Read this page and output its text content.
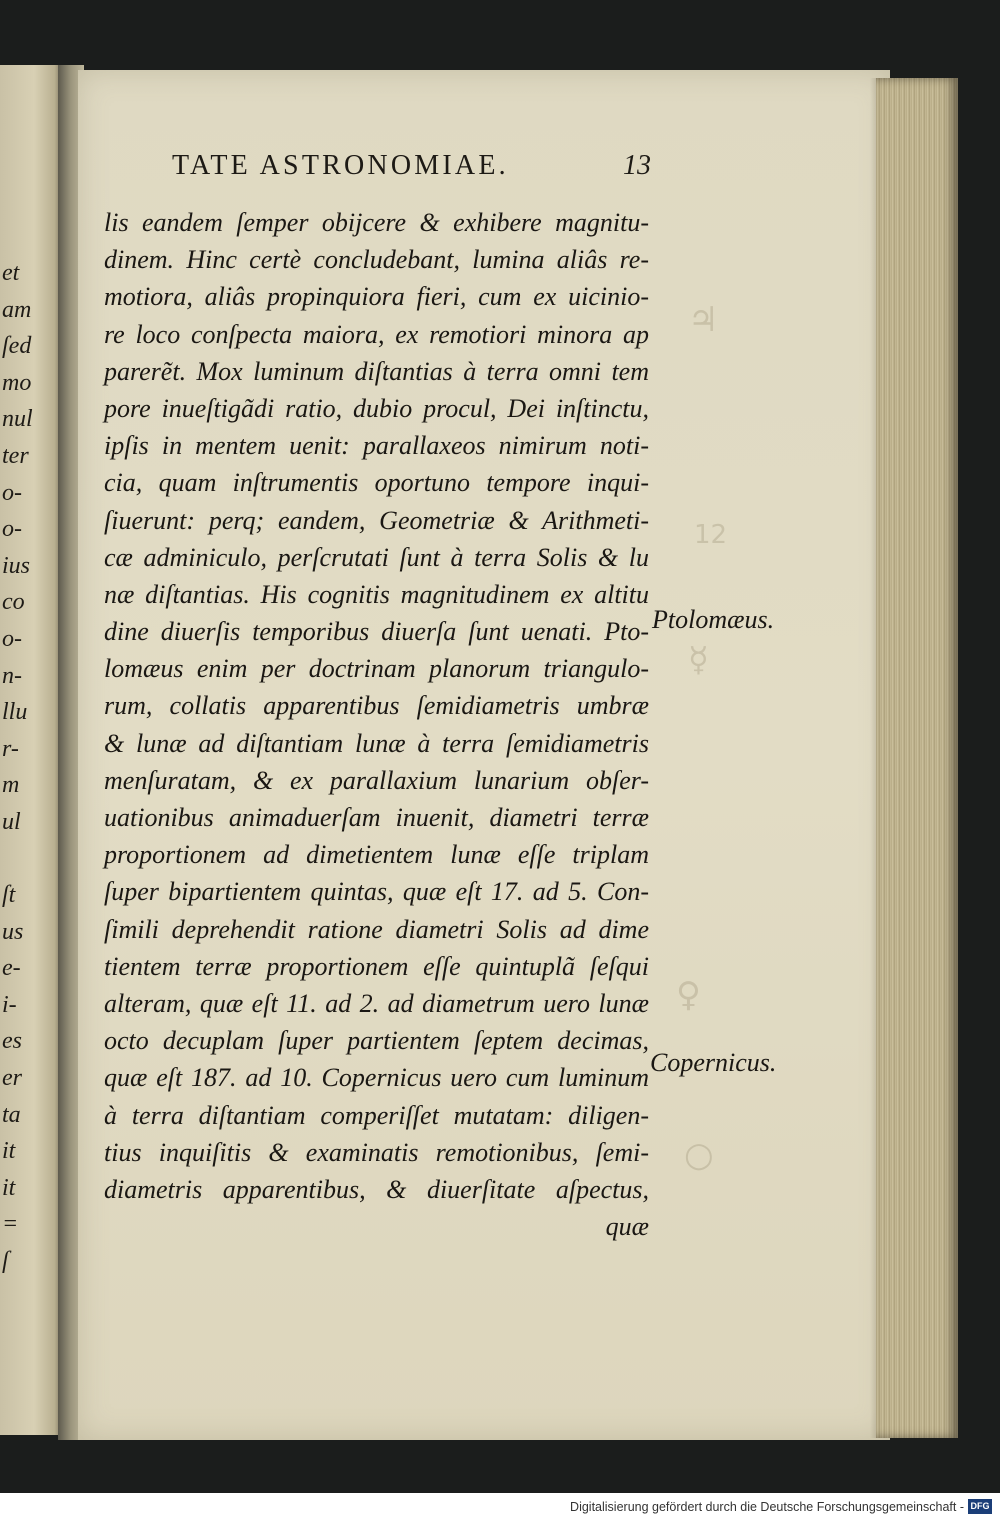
et
am
ſed
mo
nul
ter
o-
o-
ius
co
o-
n-
llu
r-
m
ul
ſt
us
e-
i-
es
er
ta
it
it
=
ſ
♃
12
☿
♀
○
TATE ASTRONOMIAE.	13
lis eandem ſemper obijcere & exhibere magnitu-
dinem. Hinc certè concludebant, lumina aliâs re-
motiora, aliâs propinquiora fieri, cum ex uicinio-
re loco conſpecta maiora, ex remotiori minora ap
parerẽt. Mox luminum diſtantias à terra omni tem
pore inueſtigãdi ratio, dubio procul, Dei inſtinctu,
ipſis in mentem uenit: parallaxeos nimirum noti-
cia, quam inſtrumentis oportuno tempore inqui-
ſiuerunt: perq; eandem, Geometriæ & Arithmeti-
cæ adminiculo, perſcrutati ſunt à terra Solis & lu
næ diſtantias. His cognitis magnitudinem ex altitu
dine diuerſis temporibus diuerſa ſunt uenati. Pto-
lomæus enim per doctrinam planorum triangulo-
rum, collatis apparentibus ſemidiametris umbræ
& lunæ ad diſtantiam lunæ à terra ſemidiametris
menſuratam, & ex parallaxium lunarium obſer-
uationibus animaduerſam inuenit, diametri terræ
proportionem ad dimetientem lunæ eſſe triplam
ſuper bipartientem quintas, quæ eſt 17. ad 5. Con-
ſimili deprehendit ratione diametri Solis ad dime
tientem terræ proportionem eſſe quintuplã ſeſqui
alteram, quæ eſt 11. ad 2. ad diametrum uero lunæ
octo decuplam ſuper partientem ſeptem decimas,
quæ eſt 187. ad 10. Copernicus uero cum luminum
à terra diſtantiam comperiſſet mutatam: diligen-
tius inquiſitis & examinatis remotionibus, ſemi-
diametris apparentibus, & diuerſitate aſpectus,
quæ
Ptolomæus.
Copernicus.
Digitalisierung gefördert durch die Deutsche Forschungsgemeinschaft - DFG
